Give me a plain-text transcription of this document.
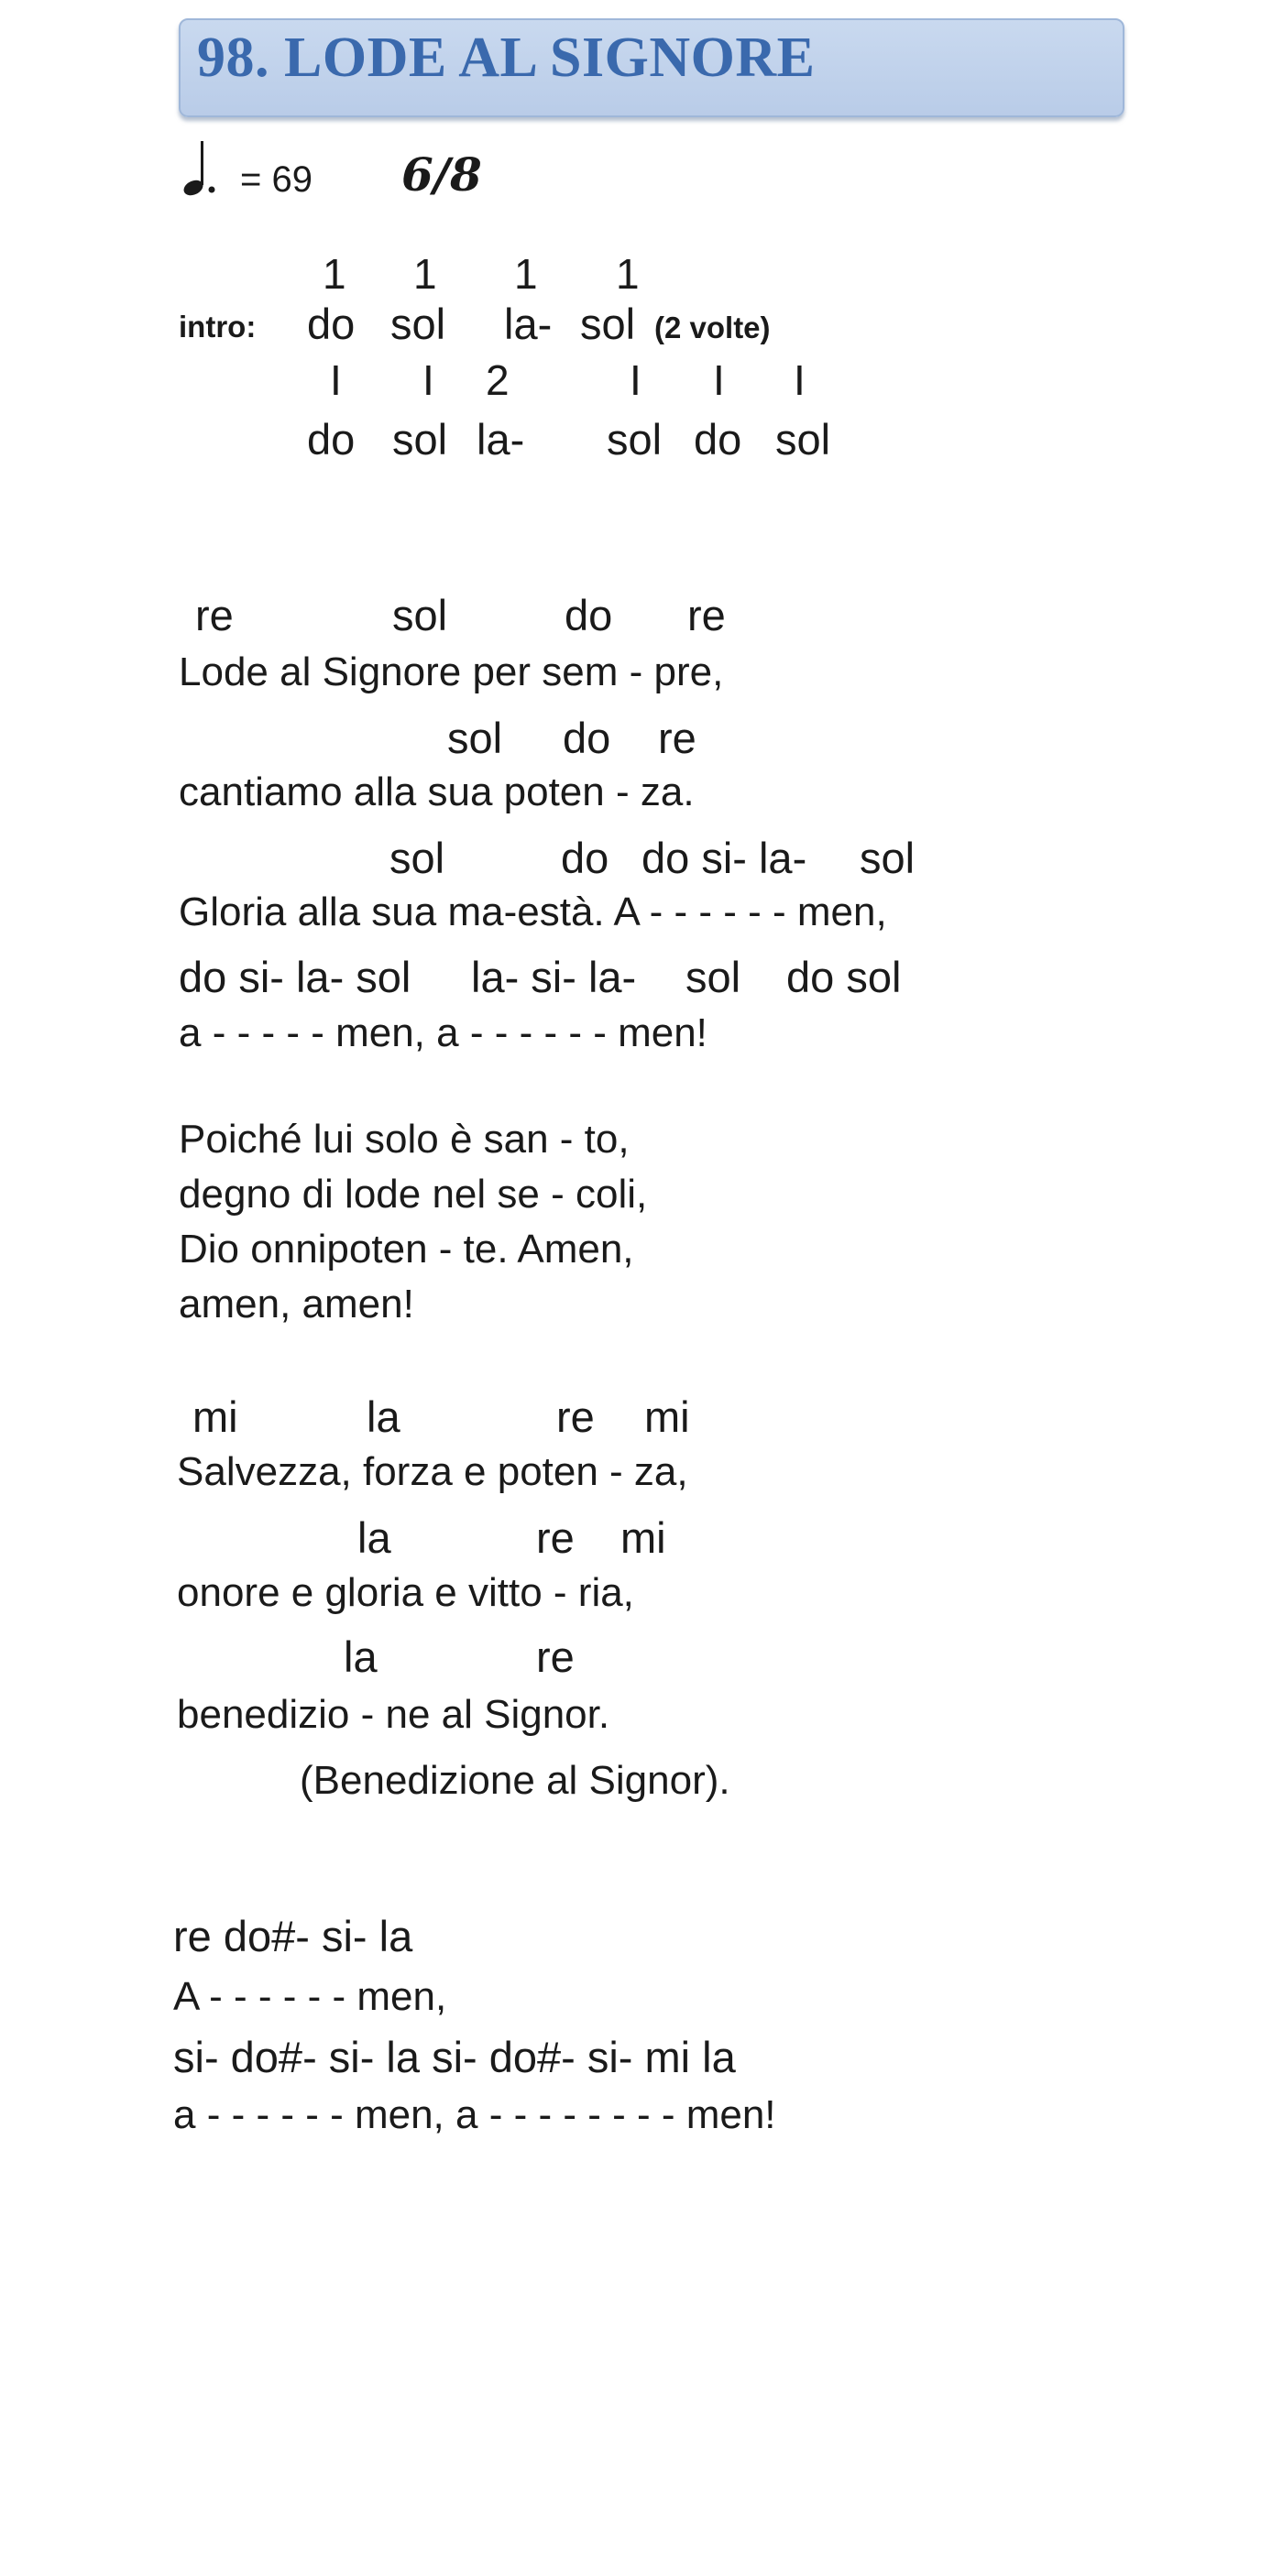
98. LODE AL SIGNORE
= 69 6/8
1 1 1 1
intro: do sol la- sol (2 volte)
I I 2	I I I
do sol la- sol do sol
re	sol	do re
Lode al Signore per sem - pre,
sol do re
cantiamo alla sua poten - za.
sol	do do si- la- sol
Gloria alla sua ma-està. A - - - - - - men,
do si- la- sol la- si- la- sol do sol
a - - - - - men, a - - - - - - men!
Poiché lui solo è san - to,
degno di lode nel se - coli,
Dio onnipoten - te. Amen,
amen, amen!
mi	la	re mi
Salvezza, forza e poten - za,
la	re mi
onore e gloria e vitto - ria,
la	re
benedizio - ne al Signor.
(Benedizione al Signor).
re do#- si- la
A - - - - - - men,
si- do#- si- la si- do#- si- mi la
a - - - - - - men, a - - - - - - - - men!
